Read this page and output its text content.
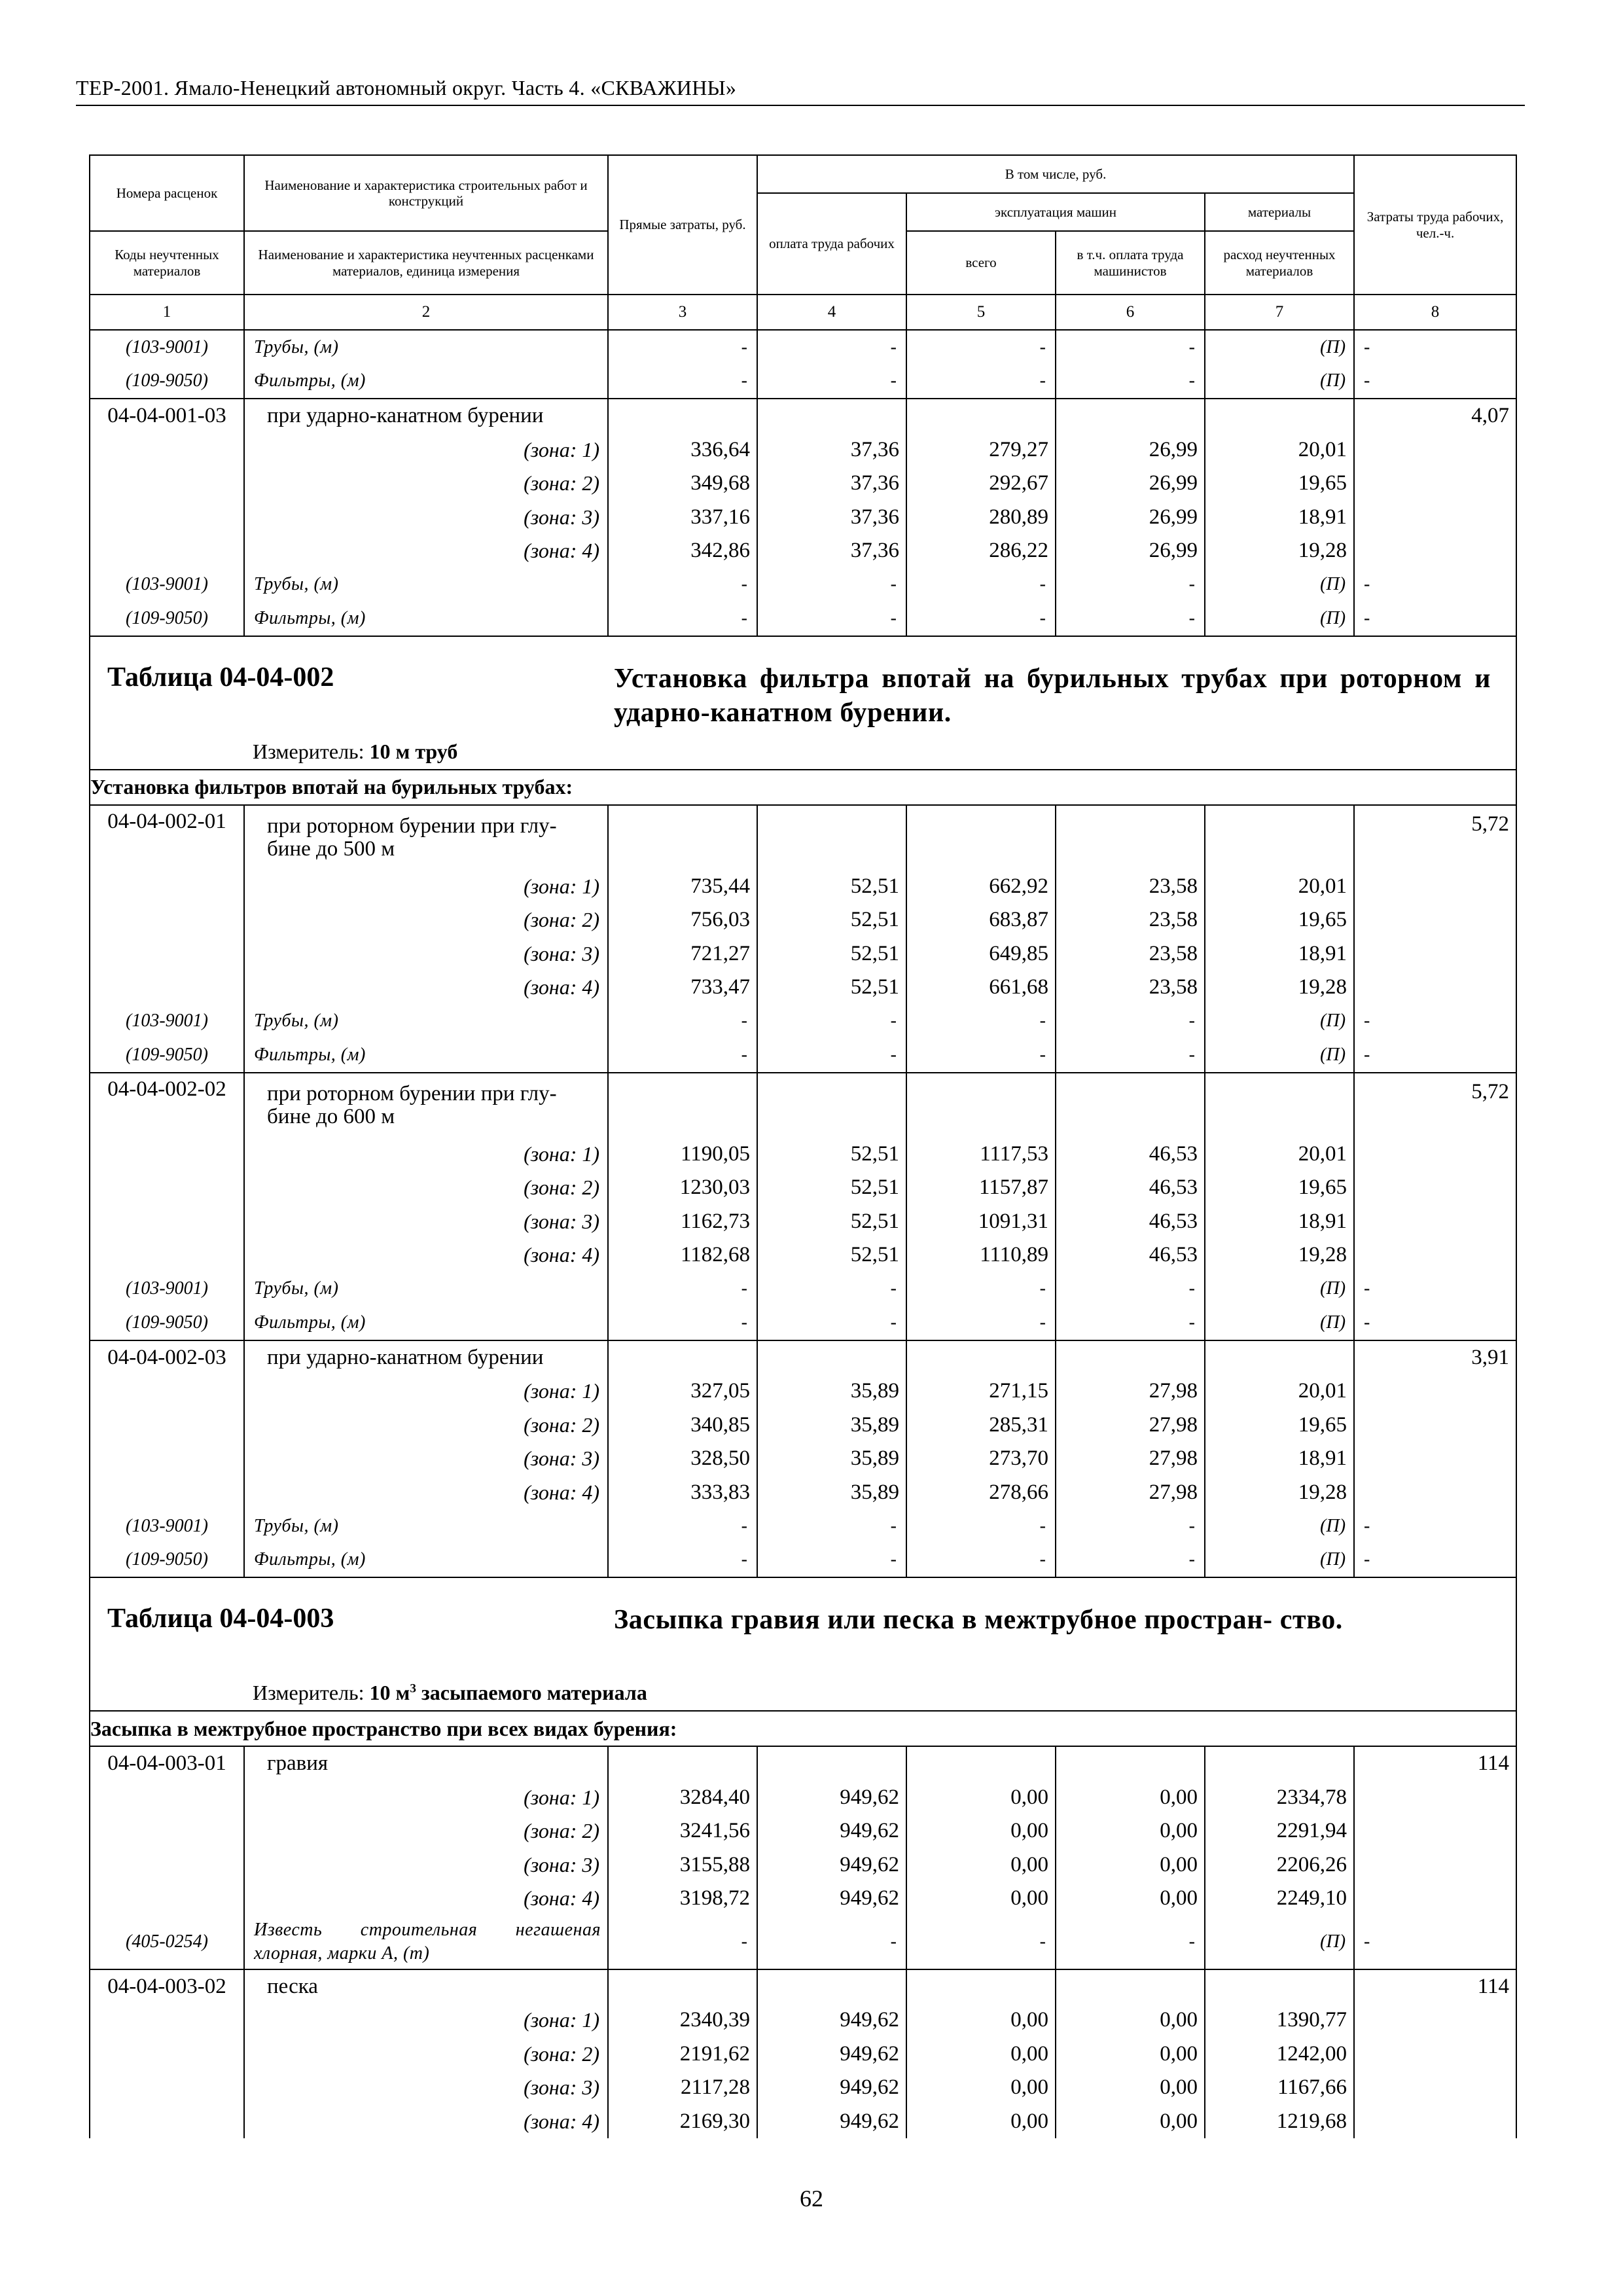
ТЕР-2001. Ямало-Ненецкий автономный округ. Часть 4. «СКВАЖИНЫ»
Номера расценок	Наименование и характеристика строительных работ и конструкций	Прямые затраты, руб.	В том числе, руб.				Затраты труда рабочих, чел.-ч.
			оплата труда рабочих	эксплуатация машин		материалы	
Коды неучтенных материалов	Наименование и характеристика неучтенных расценками материалов, единица измерения			всего	в т.ч. оплата труда машинистов	расход неучтенных материалов	

1	2	3	4	5	6	7	8
(103-9001)	Трубы, (м)	-	-	-	-	(П)	-
(109-9050)	Фильтры, (м)	-	-	-	-	(П)	-
04-04-001-03	при ударно-канатном бурении						4,07
	(зона: 1)	336,64	37,36	279,27	26,99	20,01	
	(зона: 2)	349,68	37,36	292,67	26,99	19,65	
	(зона: 3)	337,16	37,36	280,89	26,99	18,91	
	(зона: 4)	342,86	37,36	286,22	26,99	19,28	
(103-9001)	Трубы, (м)	-	-	-	-	(П)	-
(109-9050)	Фильтры, (м)	-	-	-	-	(П)	-

Таблица 04-04-002 Установка фильтра впотай на бурильных трубах при роторном и ударно-канатном бурении.
Измеритель: 10 м труб							

Установка фильтров впотай на бурильных трубах:							
04-04-002-01	при роторном бурении при глу-
бине до 500 м						5,72
	(зона: 1)	735,44	52,51	662,92	23,58	20,01	
	(зона: 2)	756,03	52,51	683,87	23,58	19,65	
	(зона: 3)	721,27	52,51	649,85	23,58	18,91	
	(зона: 4)	733,47	52,51	661,68	23,58	19,28	
(103-9001)	Трубы, (м)	-	-	-	-	(П)	-
(109-9050)	Фильтры, (м)	-	-	-	-	(П)	-
04-04-002-02	при роторном бурении при глу-
бине до 600 м						5,72
	(зона: 1)	1190,05	52,51	1117,53	46,53	20,01	
	(зона: 2)	1230,03	52,51	1157,87	46,53	19,65	
	(зона: 3)	1162,73	52,51	1091,31	46,53	18,91	
	(зона: 4)	1182,68	52,51	1110,89	46,53	19,28	
(103-9001)	Трубы, (м)	-	-	-	-	(П)	-
(109-9050)	Фильтры, (м)	-	-	-	-	(П)	-
04-04-002-03	при ударно-канатном бурении						3,91
	(зона: 1)	327,05	35,89	271,15	27,98	20,01	
	(зона: 2)	340,85	35,89	285,31	27,98	19,65	
	(зона: 3)	328,50	35,89	273,70	27,98	18,91	
	(зона: 4)	333,83	35,89	278,66	27,98	19,28	
(103-9001)	Трубы, (м)	-	-	-	-	(П)	-
(109-9050)	Фильтры, (м)	-	-	-	-	(П)	-

Таблица 04-04-003 Засыпка гравия или песка в межтрубное простран- ство.
Измеритель: 10 $м^3$ засыпаемого материала							

Засыпка в межтрубное пространство при всех видах бурения:							
04-04-003-01	гравия						114
	(зона: 1)	3284,40	949,62	0,00	0,00	2334,78	
	(зона: 2)	3241,56	949,62	0,00	0,00	2291,94	
	(зона: 3)	3155,88	949,62	0,00	0,00	2206,26	
	(зона: 4)	3198,72	949,62	0,00	0,00	2249,10	
(405-0254)	Известь строительная негашеная хлорная, марки А, (т)	-	-	-	-	(П)	-
04-04-003-02	песка						114
	(зона: 1)	2340,39	949,62	0,00	0,00	1390,77	
	(зона: 2)	2191,62	949,62	0,00	0,00	1242,00	
	(зона: 3)	2117,28	949,62	0,00	0,00	1167,66	
	(зона: 4)	2169,30	949,62	0,00	0,00	1219,68	
62
